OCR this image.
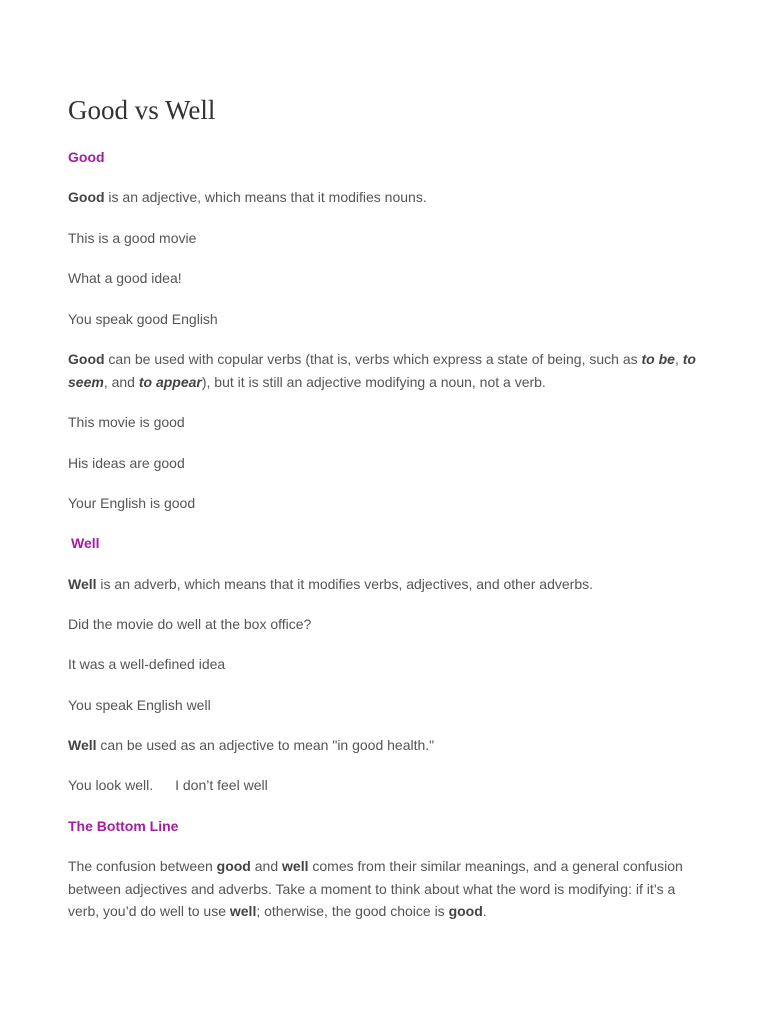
Good vs Well

Good

Good is an adjective, which means that it modifies nouns.

This is a good movie

What a good idea!

You speak good English

Good can be used with copular verbs (that is, verbs which express a state of being, such as to be, to seem, and to appear), but it is still an adjective modifying a noun, not a verb.

This movie is good

His ideas are good

Your English is good

Well

Well is an adverb, which means that it modifies verbs, adjectives, and other adverbs.

Did the movie do well at the box office?

It was a well-defined idea

You speak English well

Well can be used as an adjective to mean "in good health."

You look well. I don’t feel well

The Bottom Line

The confusion between good and well comes from their similar meanings, and a general confusion between adjectives and adverbs. Take a moment to think about what the word is modifying: if it’s a verb, you’d do well to use well; otherwise, the good choice is good.
